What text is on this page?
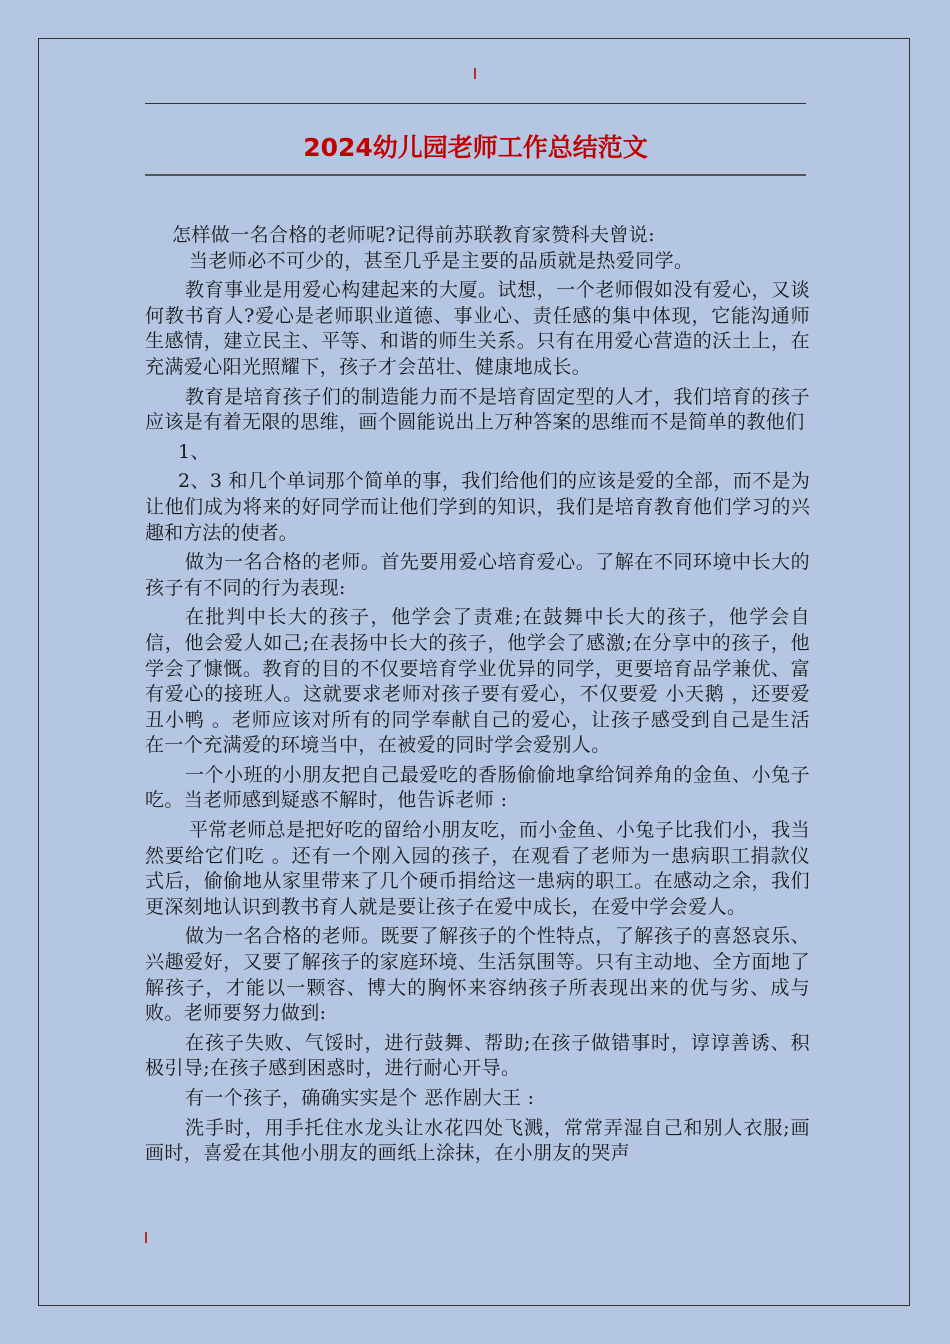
2024幼儿园老师工作总结范文

怎样做一名合格的老师呢?记得前苏联教育家赞科夫曾说:

当老师必不可少的，甚至几乎是主要的品质就是热爱同学。

教育事业是用爱心构建起来的大厦。试想，一个老师假如没有爱心，又谈何教书育人?爱心是老师职业道德、事业心、责任感的集中体现，它能沟通师生感情，建立民主、平等、和谐的师生关系。只有在用爱心营造的沃土上，在充满爱心阳光照耀下，孩子才会茁壮、健康地成长。

教育是培育孩子们的制造能力而不是培育固定型的人才，我们培育的孩子应该是有着无限的思维，画个圆能说出上万种答案的思维而不是简单的教他们

1、

2、3 和几个单词那个简单的事，我们给他们的应该是爱的全部，而不是为让他们成为将来的好同学而让他们学到的知识，我们是培育教育他们学习的兴趣和方法的使者。

做为一名合格的老师。首先要用爱心培育爱心。了解在不同环境中长大的孩子有不同的行为表现:

在批判中长大的孩子，他学会了责难;在鼓舞中长大的孩子，他学会自信，他会爱人如己;在表扬中长大的孩子，他学会了感激;在分享中的孩子，他学会了慷慨。教育的目的不仅要培育学业优异的同学，更要培育品学兼优、富有爱心的接班人。这就要求老师对孩子要有爱心，不仅要爱 小天鹅 ，还要爱 丑小鸭 。老师应该对所有的同学奉献自己的爱心，让孩子感受到自己是生活在一个充满爱的环境当中，在被爱的同时学会爱别人。

一个小班的小朋友把自己最爱吃的香肠偷偷地拿给饲养角的金鱼、小兔子吃。当老师感到疑惑不解时，他告诉老师 :

平常老师总是把好吃的留给小朋友吃，而小金鱼、小兔子比我们小，我当然要给它们吃 。还有一个刚入园的孩子，在观看了老师为一患病职工捐款仪式后，偷偷地从家里带来了几个硬币捐给这一患病的职工。在感动之余，我们更深刻地认识到教书育人就是要让孩子在爱中成长，在爱中学会爱人。

做为一名合格的老师。既要了解孩子的个性特点，了解孩子的喜怒哀乐、兴趣爱好，又要了解孩子的家庭环境、生活氛围等。只有主动地、全方面地了解孩子，才能以一颗容、博大的胸怀来容纳孩子所表现出来的优与劣、成与败。老师要努力做到:

在孩子失败、气馁时，进行鼓舞、帮助;在孩子做错事时，谆谆善诱、积极引导;在孩子感到困惑时，进行耐心开导。

有一个孩子，确确实实是个 恶作剧大王 :

洗手时，用手托住水龙头让水花四处飞溅，常常弄湿自己和别人衣服;画画时，喜爱在其他小朋友的画纸上涂抹，在小朋友的哭声
